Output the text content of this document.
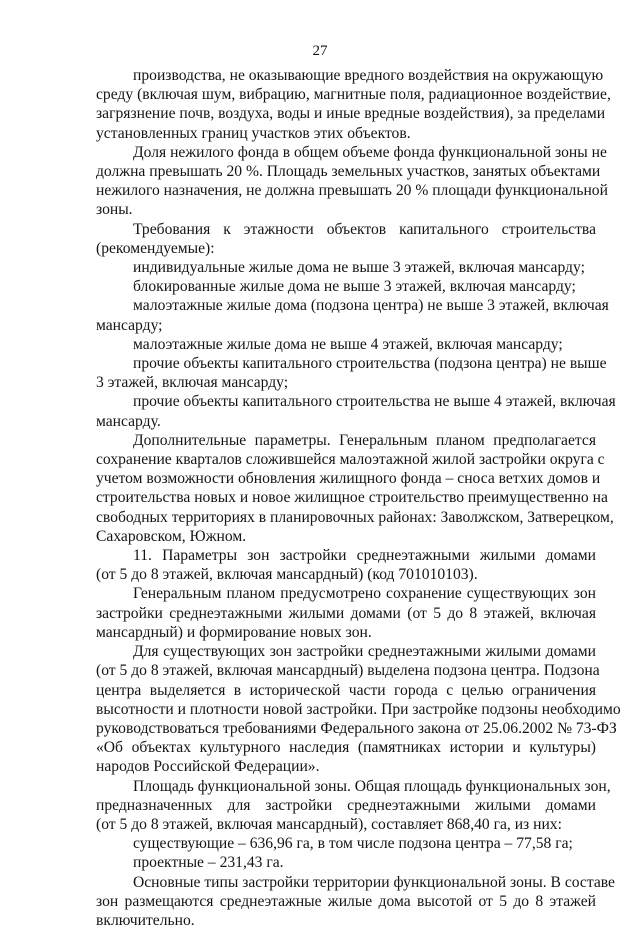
27
производства, не оказывающие вредного воздействия на окружающую
среду (включая шум, вибрацию, магнитные поля, радиационное воздействие,
загрязнение почв, воздуха, воды и иные вредные воздействия), за пределами
установленных границ участков этих объектов.
Доля нежилого фонда в общем объеме фонда функциональной зоны не
должна превышать 20 %. Площадь земельных участков, занятых объектами
нежилого назначения, не должна превышать 20 % площади функциональной
зоны.
Требования к этажности объектов капитального строительства
(рекомендуемые):
индивидуальные жилые дома не выше 3 этажей, включая мансарду;
блокированные жилые дома не выше 3 этажей, включая мансарду;
малоэтажные жилые дома (подзона центра) не выше 3 этажей, включая
мансарду;
малоэтажные жилые дома не выше 4 этажей, включая мансарду;
прочие объекты капитального строительства (подзона центра) не выше
3 этажей, включая мансарду;
прочие объекты капитального строительства не выше 4 этажей, включая
мансарду.
Дополнительные параметры. Генеральным планом предполагается
сохранение кварталов сложившейся малоэтажной жилой застройки округа с
учетом возможности обновления жилищного фонда – сноса ветхих домов и
строительства новых и новое жилищное строительство преимущественно на
свободных территориях в планировочных районах: Заволжском, Затверецком,
Сахаровском, Южном.
11. Параметры зон застройки среднеэтажными жилыми домами
(от 5 до 8 этажей, включая мансардный) (код 701010103).
Генеральным планом предусмотрено сохранение существующих зон
застройки среднеэтажными жилыми домами (от 5 до 8 этажей, включая
мансардный) и формирование новых зон.
Для существующих зон застройки среднеэтажными жилыми домами
(от 5 до 8 этажей, включая мансардный) выделена подзона центра. Подзона
центра выделяется в исторической части города с целью ограничения
высотности и плотности новой застройки. При застройке подзоны необходимо
руководствоваться требованиями Федерального закона от 25.06.2002 № 73-ФЗ
«Об объектах культурного наследия (памятниках истории и культуры)
народов Российской Федерации».
Площадь функциональной зоны. Общая площадь функциональных зон,
предназначенных для застройки среднеэтажными жилыми домами
(от 5 до 8 этажей, включая мансардный), составляет 868,40 га, из них:
существующие – 636,96 га, в том числе подзона центра – 77,58 га;
проектные – 231,43 га.
Основные типы застройки территории функциональной зоны. В составе
зон размещаются среднеэтажные жилые дома высотой от 5 до 8 этажей
включительно.
